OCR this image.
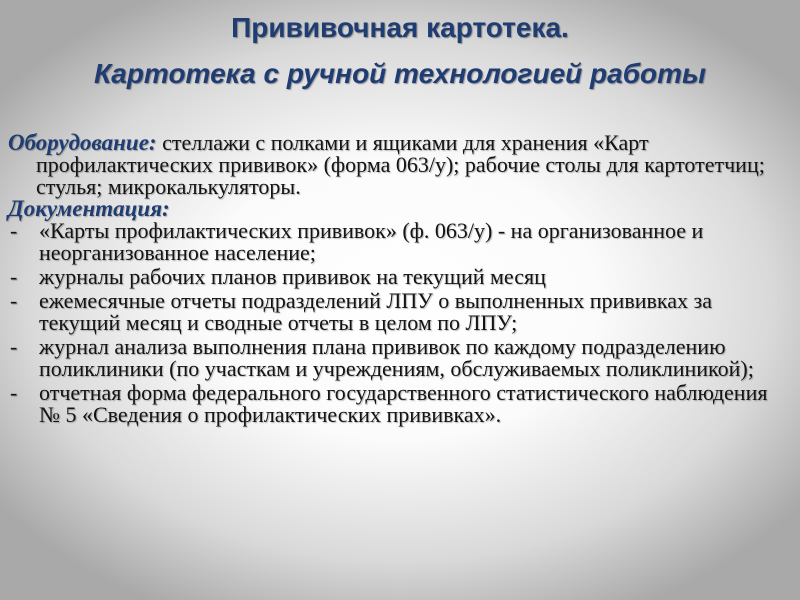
Прививочная картотека.
Картотека с ручной технологией работы

Оборудование: стеллажи с полками и ящиками для хранения «Карт профилактических прививок» (форма 063/у); рабочие столы для картотетчиц; стулья; микрокалькуляторы.

Документация:

- «Карты профилактических прививок» (ф. 063/у) - на организованное и неорганизованное население;
- журналы рабочих планов прививок на текущий месяц
- ежемесячные отчеты подразделений ЛПУ о выполненных прививках за текущий месяц и сводные отчеты в целом по ЛПУ;
- журнал анализа выполнения плана прививок по каждому подразделению поликлиники (по участкам и учреждениям, обслуживаемых поликлиникой);
- отчетная форма федерального государственного статистического наблюдения № 5 «Сведения о профилактических прививках».
